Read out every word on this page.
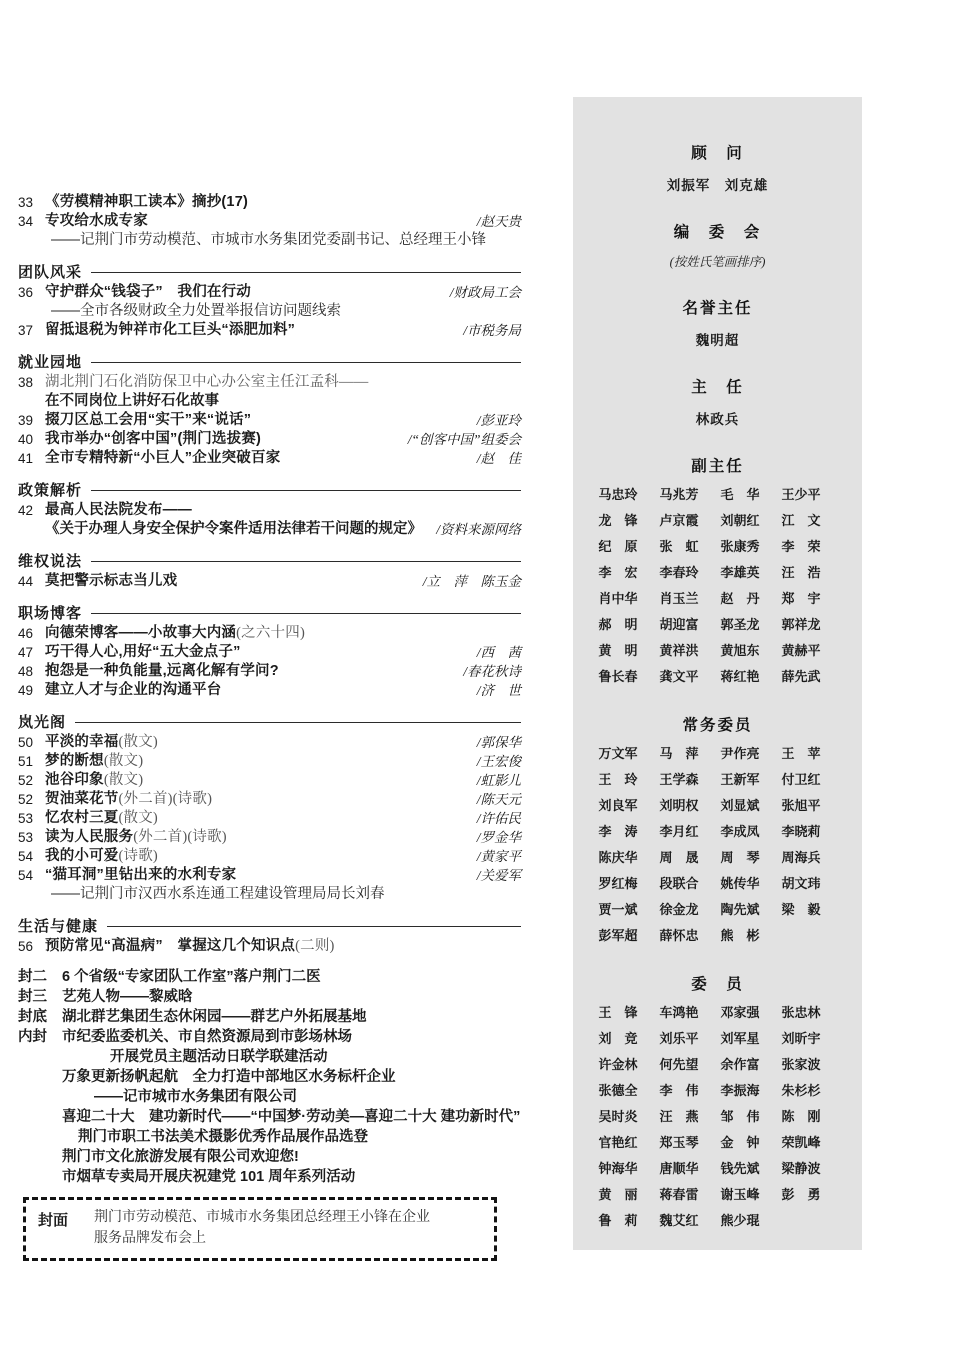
33 《劳模精神职工读本》摘抄(17)
34 专攻给水成专家	/赵天贵
——记荆门市劳动模范、市城市水务集团党委副书记、总经理王小锋
团队风采
36 守护群众“钱袋子”　我们在行动	/财政局工会
——全市各级财政全力处置举报信访问题线索
37 留抵退税为钟祥市化工巨头“添肥加料”	/市税务局
就业园地
38 湖北荆门石化消防保卫中心办公室主任江孟科——
在不同岗位上讲好石化故事
39 掇刀区总工会用“实干”来“说话”	/彭亚玲
40 我市举办“创客中国”(荆门选拔赛)	/“创客中国”组委会
41 全市专精特新“小巨人”企业突破百家	/赵　佳
政策解析
42 最高人民法院发布——
《关于办理人身安全保护令案件适用法律若干问题的规定》	/资料来源网络
维权说法
44 莫把警示标志当儿戏	/立　萍　陈玉金
职场博客
46 向德荣博客——小故事大内涵(之六十四)
47 巧干得人心,用好“五大金点子”	/西　茜
48 抱怨是一种负能量,远离化解有学问?	/春花秋诗
49 建立人才与企业的沟通平台	/济　世
岚光阁
50 平淡的幸福(散文)	/郭保华
51 梦的断想(散文)	/王宏俊
52 池谷印象(散文)	/虹影儿
52 贺油菜花节(外二首)(诗歌)	/陈天元
53 忆农村三夏(散文)	/许佑民
53 读为人民服务(外二首)(诗歌)	/罗金华
54 我的小可爱(诗歌)	/黄家平
54 “猫耳洞”里钻出来的水利专家	/关爱军
——记荆门市汉西水系连通工程建设管理局局长刘春
生活与健康
56 预防常见“高温病”　掌握这几个知识点(二则)
封二	6 个省级“专家团队工作室”落户荆门二医
封三	艺苑人物——黎威晗
封底	湖北群艺集团生态休闲园——群艺户外拓展基地
内封	市纪委监委机关、市自然资源局到市彭场林场
开展党员主题活动日联学联建活动
万象更新扬帆起航　全力打造中部地区水务标杆企业
——记市城市水务集团有限公司
喜迎二十大　建功新时代——“中国梦·劳动美—喜迎二十大 建功新时代”
荆门市职工书法美术摄影优秀作品展作品选登
荆门市文化旅游发展有限公司欢迎您!
市烟草专卖局开展庆祝建党 101 周年系列活动
封面	荆门市劳动模范、市城市水务集团总经理王小锋在企业
服务品牌发布会上
顾　问
刘振军　刘克雄
编　委　会
(按姓氏笔画排序)
名誉主任
魏明超
主　任
林政兵
副主任
马忠玲 马兆芳 毛　华 王少平
龙　锋 卢京霞 刘朝红 江　文
纪　原 张　虹 张康秀 李　荣
李　宏 李春玲 李雄英 汪　浩
肖中华 肖玉兰 赵　丹 郑　宇
郝　明 胡迎富 郭圣龙 郭祥龙
黄　明 黄祥洪 黄旭东 黄赫平
鲁长春 龚文平 蒋红艳 薛先武
常务委员
万文军 马　萍 尹作亮 王　苹
王　玲 王学森 王新军 付卫红
刘良军 刘明权 刘显斌 张旭平
李　涛 李月红 李成凤 李晓莉
陈庆华 周　晟 周　琴 周海兵
罗红梅 段联合 姚传华 胡文玮
贾一斌 徐金龙 陶先斌 梁　毅
彭军超 薛怀忠 熊　彬
委　员
王　锋 车鸿艳 邓家强 张忠林
刘　竞 刘乐平 刘军星 刘昕宇
许金林 何先望 余作富 张家波
张德全 李　伟 李振海 朱杉杉
吴时炎 汪　燕 邹　伟 陈　刚
官艳红 郑玉琴 金　钟 荣凯峰
钟海华 唐顺华 钱先斌 梁静波
黄　丽 蒋春雷 谢玉峰 彭　勇
鲁　莉 魏艾红 熊少琨
